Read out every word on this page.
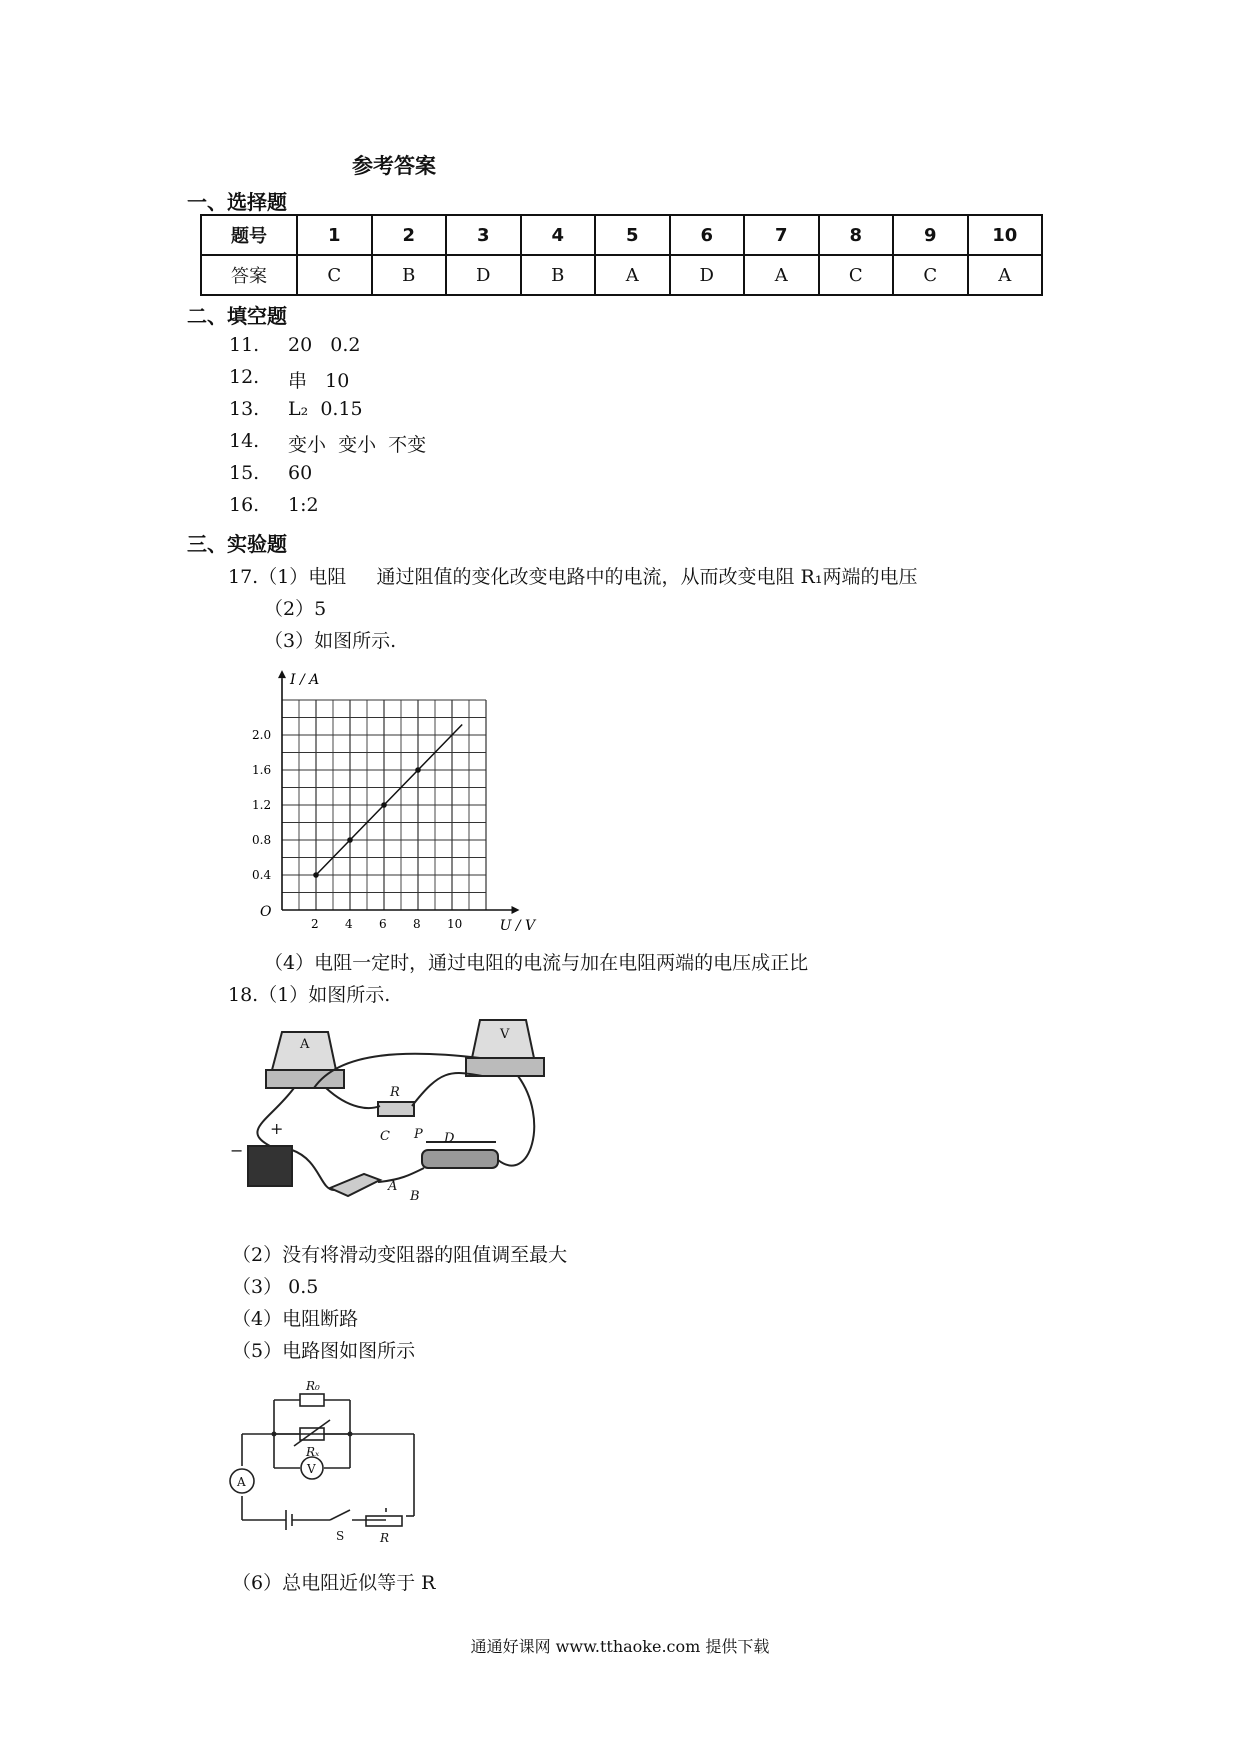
参考答案
一、选择题
题号	1	2	3	4	5	6	7	8	9	10
答案	C	B	D	B	A	D	A	C	C	A
二、填空题
11. 20   0.2
12. 串   10
13. L₂  0.15
14. 变小  变小  不变
15. 60
16. 1:2
三、实验题
17.（1）电阻     通过阻值的变化改变电路中的电流，从而改变电阻 R₁两端的电压
（2）5
（3）如图所示.
2 4 6 8 10
0.4
0.8
1.2
1.6
2.0
O
I / A
U / V
（4）电阻一定时，通过电阻的电流与加在电阻两端的电压成正比
18.（1）如图所示.
A
V
R
−
+	C P D
A
B
（2）没有将滑动变阻器的阻值调至最大
（3） 0.5
（4）电阻断路
（5）电路图如图所示
R₀
Rₓ
V
A
S	R
（6）总电阻近似等于 R
通通好课网 www.tthaoke.com 提供下载
